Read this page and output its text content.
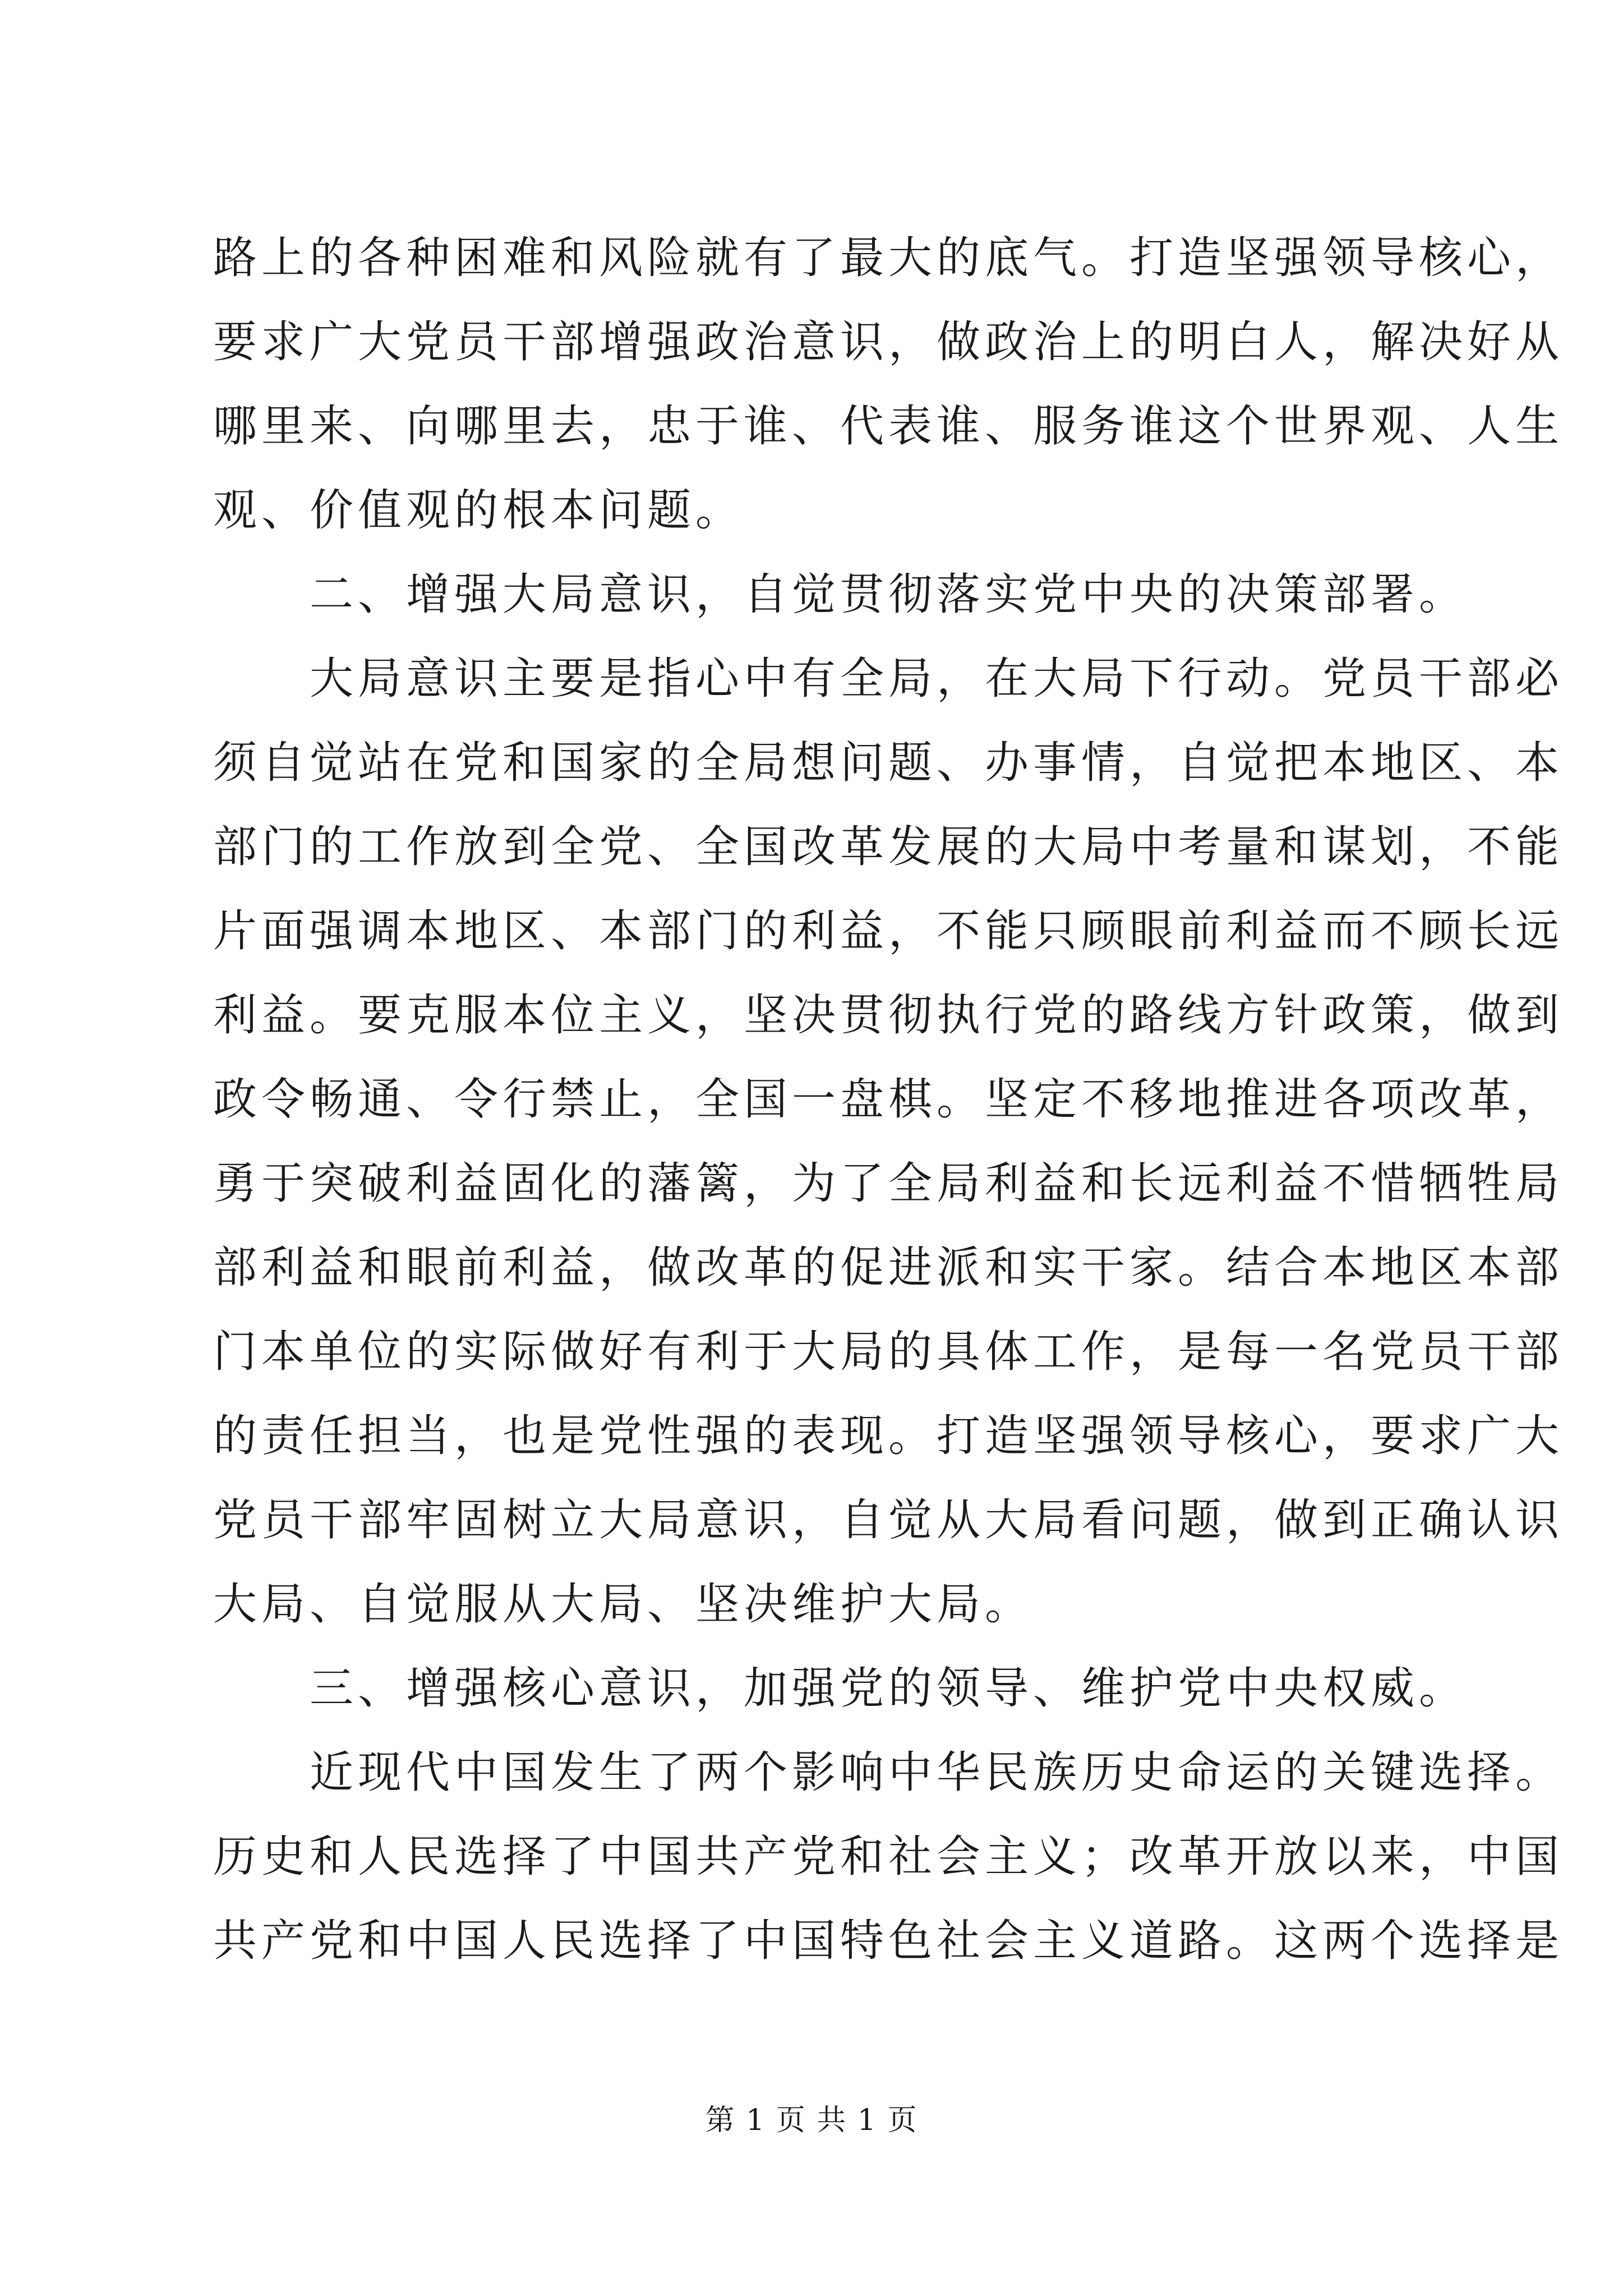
路上的各种困难和风险就有了最大的底气。打造坚强领导核心，
要求广大党员干部增强政治意识，做政治上的明白人，解决好从
哪里来、向哪里去，忠于谁、代表谁、服务谁这个世界观、人生
观、价值观的根本问题。
　　二、增强大局意识，自觉贯彻落实党中央的决策部署。
　　大局意识主要是指心中有全局，在大局下行动。党员干部必
须自觉站在党和国家的全局想问题、办事情，自觉把本地区、本
部门的工作放到全党、全国改革发展的大局中考量和谋划，不能
片面强调本地区、本部门的利益，不能只顾眼前利益而不顾长远
利益。要克服本位主义，坚决贯彻执行党的路线方针政策，做到
政令畅通、令行禁止，全国一盘棋。坚定不移地推进各项改革，
勇于突破利益固化的藩篱，为了全局利益和长远利益不惜牺牲局
部利益和眼前利益，做改革的促进派和实干家。结合本地区本部
门本单位的实际做好有利于大局的具体工作，是每一名党员干部
的责任担当，也是党性强的表现。打造坚强领导核心，要求广大
党员干部牢固树立大局意识，自觉从大局看问题，做到正确认识
大局、自觉服从大局、坚决维护大局。
　　三、增强核心意识，加强党的领导、维护党中央权威。
　　近现代中国发生了两个影响中华民族历史命运的关键选择。
历史和人民选择了中国共产党和社会主义；改革开放以来，中国
共产党和中国人民选择了中国特色社会主义道路。这两个选择是
第 1 页 共 1 页
